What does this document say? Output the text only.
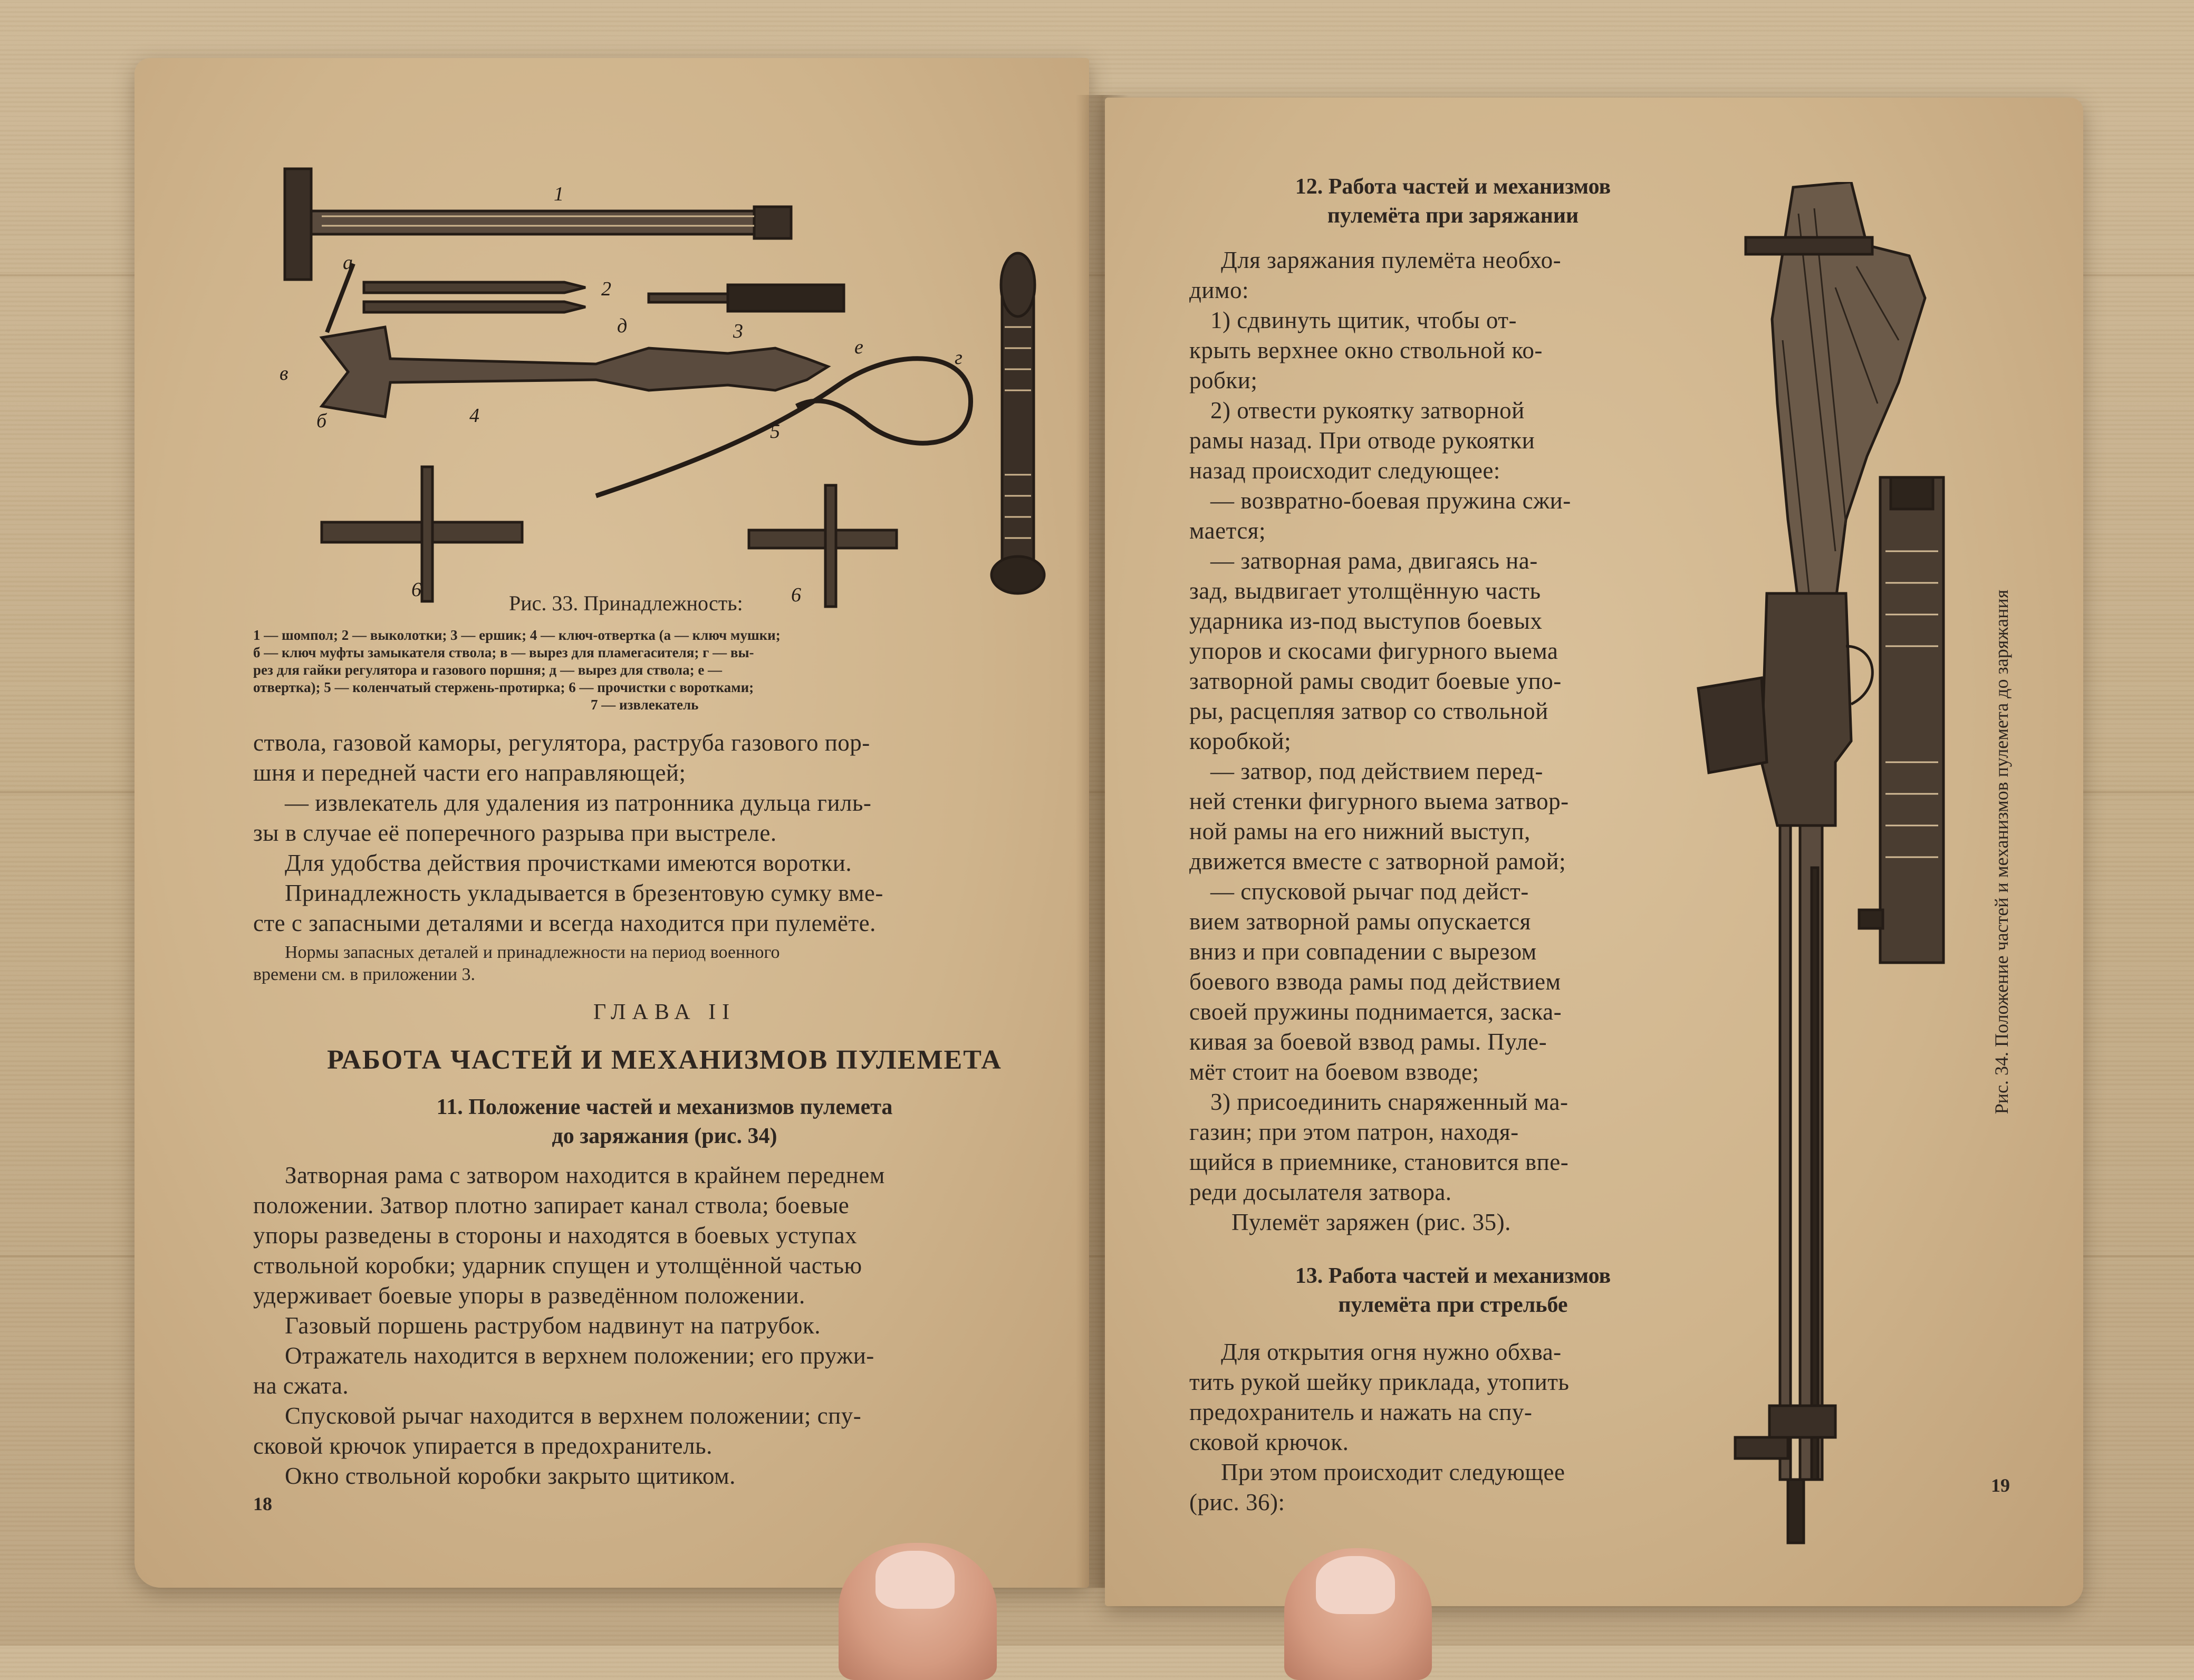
1
2
3
4
5
6	6
а
б
в
г
д
е

Рис. 33. Принадлежность:

1 — шомпол; 2 — выколотки; 3 — ершик; 4 — ключ-отвертка (а — ключ мушки;
б — ключ муфты замыкателя ствола; в — вырез для пламегасителя; г — вы-
рез для гайки регулятора и газового поршня; д — вырез для ствола; е —
отвертка); 5 — коленчатый стержень-протирка; 6 — прочистки с воротками;
7 — извлекатель
ствола, газовой каморы, регулятора, раструба газового пор-
шня и передней части его направляющей;
— извлекатель для удаления из патронника дульца гиль-
зы в случае её поперечного разрыва при выстреле.
Для удобства действия прочистками имеются воротки.
Принадлежность укладывается в брезентовую сумку вме-
сте с запасными деталями и всегда находится при пулемёте.
Нормы запасных деталей и принадлежности на период военного
времени см. в приложении 3.
ГЛАВА II
РАБОТА ЧАСТЕЙ И МЕХАНИЗМОВ ПУЛЕМЕТА
11. Положение частей и механизмов пулемета
до заряжания (рис. 34)
Затворная рама с затвором находится в крайнем переднем
положении. Затвор плотно запирает канал ствола; боевые
упоры разведены в стороны и находятся в боевых уступах
ствольной коробки; ударник спущен и утолщённой частью
удерживает боевые упоры в разведённом положении.
Газовый поршень раструбом надвинут на патрубок.
Отражатель находится в верхнем положении; его пружи-
на сжата.
Спусковой рычаг находится в верхнем положении; спу-
сковой крючок упирается в предохранитель.
Окно ствольной коробки закрыто щитиком.
18
12. Работа частей и механизмов
пулемёта при заряжании
Для заряжания пулемёта необхо-
димо:
1) сдвинуть щитик, чтобы от-
крыть верхнее окно ствольной ко-
робки;
2) отвести рукоятку затворной
рамы назад. При отводе рукоятки
назад происходит следующее:
— возвратно-боевая пружина сжи-
мается;
— затворная рама, двигаясь на-
зад, выдвигает утолщённую часть
ударника из-под выступов боевых
упоров и скосами фигурного выема
затворной рамы сводит боевые упо-
ры, расцепляя затвор со ствольной
коробкой;
— затвор, под действием перед-
ней стенки фигурного выема затвор-
ной рамы на его нижний выступ,
движется вместе с затворной рамой;
— спусковой рычаг под дейст-
вием затворной рамы опускается
вниз и при совпадении с вырезом
боевого взвода рамы под действием
своей пружины поднимается, заска-
кивая за боевой взвод рамы. Пуле-
мёт стоит на боевом взводе;
3) присоединить снаряженный ма-
газин; при этом патрон, находя-
щийся в приемнике, становится впе-
реди досылателя затвора.
Пулемёт заряжен (рис. 35).
13. Работа частей и механизмов
пулемёта при стрельбе
Для открытия огня нужно обхва-
тить рукой шейку приклада, утопить
предохранитель и нажать на спу-
сковой крючок.
При этом происходит следующее
(рис. 36):
Рис. 34. Положение частей и механизмов пулемета до заряжания
19
